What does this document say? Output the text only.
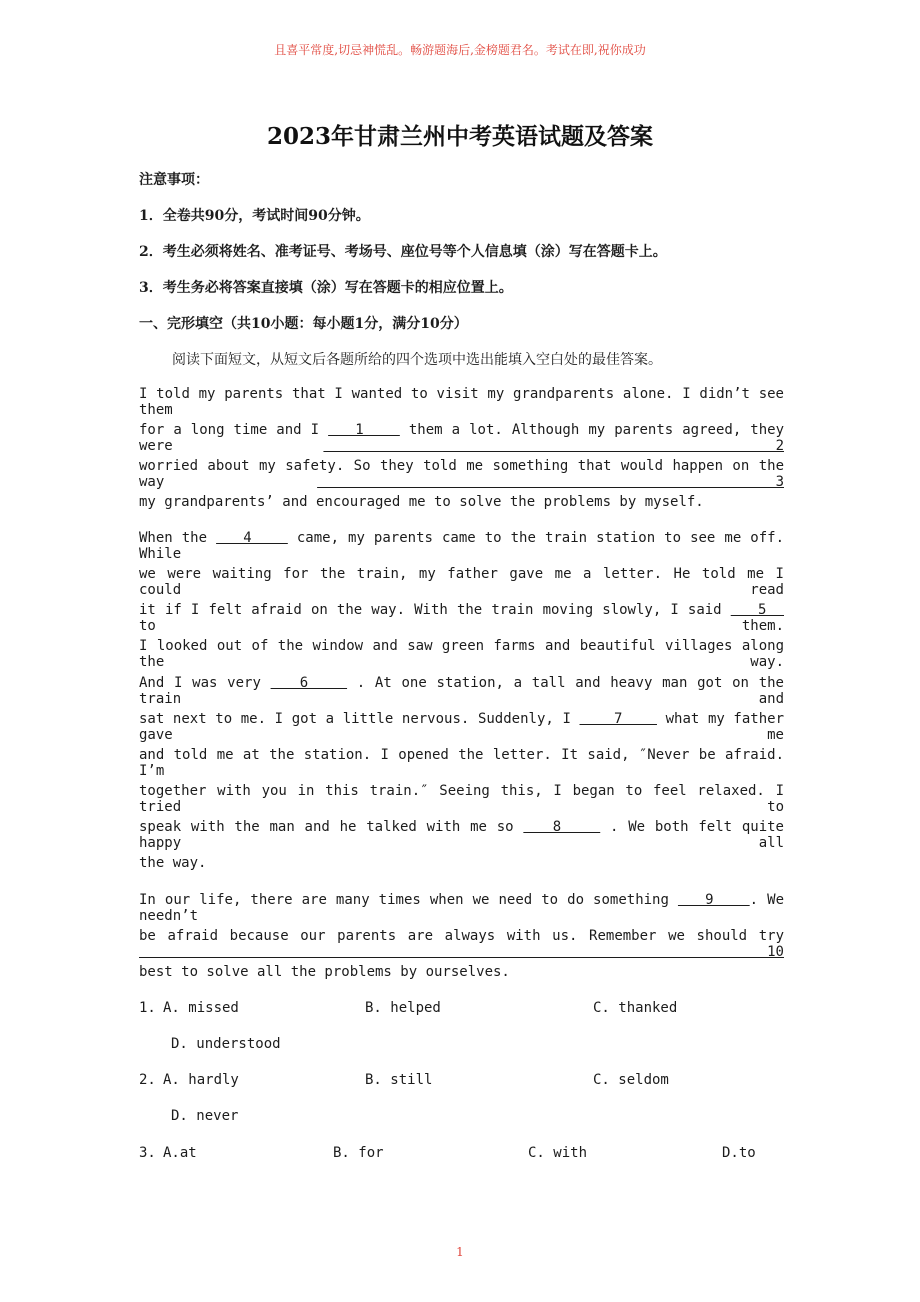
且喜平常度,切忌神慌乱。畅游题海后,金榜题君名。考试在即,祝你成功
2023年甘肃兰州中考英语试题及答案
注意事项：
1．全卷共90分，考试时间90分钟。
2．考生必须将姓名、准考证号、考场号、座位号等个人信息填（涂）写在答题卡上。
3．考生务必将答案直接填（涂）写在答题卡的相应位置上。
一、完形填空（共10小题：每小题1分，满分10分）
阅读下面短文，从短文后各题所给的四个选项中选出能填入空白处的最佳答案。
I told my parents that I wanted to visit my grandparents alone. I didn’t see them
for a long time and I    1     them a lot. Although my parents agreed, they were    2
worried about my safety. So they told me something that would happen on the way    3
my grandparents’ and encouraged me to solve the problems by myself.
When the    4     came, my parents came to the train station to see me off. While
we were waiting for the train, my father gave me a letter. He told me I could read
it if I felt afraid on the way. With the train moving slowly, I said    5   to them.
I looked out of the window and saw green farms and beautiful villages along the way.
And I was very    6     . At one station, a tall and heavy man got on the train and
sat next to me. I got a little nervous. Suddenly, I     7     what my father gave me
and told me at the station. I opened the letter. It said, ″Never be afraid. I’m
together with you in this train.″ Seeing this, I began to feel relaxed. I tried to
speak with the man and he talked with me so    8     . We both felt quite happy all
the way.
In our life, there are many times when we need to do something    9    . We needn’t
be afraid because our parents are always with us. Remember we should try    10
best to solve all the problems by ourselves.
1. A. missed	B. helped	C. thanked
D. understood
2. A. hardly	B. still	C. seldom
D. never
3. A.at	B. for	C. with	D.to
1
